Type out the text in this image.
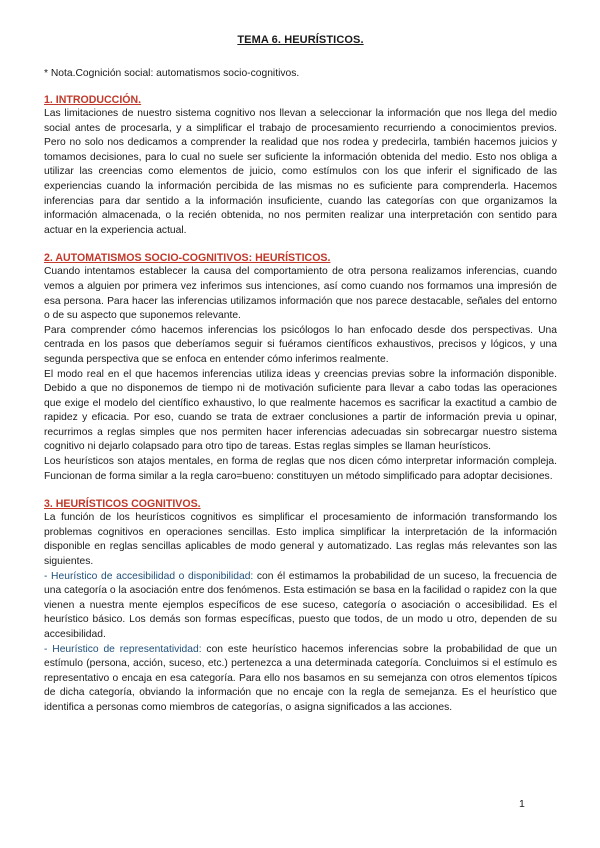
TEMA 6. HEURÍSTICOS.
* Nota.Cognición social: automatismos socio-cognitivos.
1. INTRODUCCIÓN.

Las limitaciones de nuestro sistema cognitivo nos llevan a seleccionar la información que nos llega del medio social antes de procesarla, y a simplificar el trabajo de procesamiento recurriendo a conocimientos previos. Pero no solo nos dedicamos a comprender la realidad que nos rodea y predecirla, también hacemos juicios y tomamos decisiones, para lo cual no suele ser suficiente la información obtenida del medio. Esto nos obliga a utilizar las creencias como elementos de juicio, como estímulos con los que inferir el significado de las experiencias cuando la información percibida de las mismas no es suficiente para comprenderla. Hacemos inferencias para dar sentido a la información insuficiente, cuando las categorías con que organizamos la información almacenada, o la recién obtenida, no nos permiten realizar una interpretación con sentido para actuar en la experiencia actual.

2. AUTOMATISMOS SOCIO-COGNITIVOS: HEURÍSTICOS.

Cuando intentamos establecer la causa del comportamiento de otra persona realizamos inferencias, cuando vemos a alguien por primera vez inferimos sus intenciones, así como cuando nos formamos una impresión de esa persona. Para hacer las inferencias utilizamos información que nos parece destacable, señales del entorno o de su aspecto que suponemos relevante.

Para comprender cómo hacemos inferencias los psicólogos lo han enfocado desde dos perspectivas. Una centrada en los pasos que deberíamos seguir si fuéramos científicos exhaustivos, precisos y lógicos, y una segunda perspectiva que se enfoca en entender cómo inferimos realmente.

El modo real en el que hacemos inferencias utiliza ideas y creencias previas sobre la información disponible. Debido a que no disponemos de tiempo ni de motivación suficiente para llevar a cabo todas las operaciones que exige el modelo del científico exhaustivo, lo que realmente hacemos es sacrificar la exactitud a cambio de rapidez y eficacia. Por eso, cuando se trata de extraer conclusiones a partir de información previa u opinar, recurrimos a reglas simples que nos permiten hacer inferencias adecuadas sin sobrecargar nuestro sistema cognitivo ni dejarlo colapsado para otro tipo de tareas. Estas reglas simples se llaman heurísticos.

Los heurísticos son atajos mentales, en forma de reglas que nos dicen cómo interpretar información compleja. Funcionan de forma similar a la regla caro=bueno: constituyen un método simplificado para adoptar decisiones.

3. HEURÍSTICOS COGNITIVOS.

La función de los heurísticos cognitivos es simplificar el procesamiento de información transformando los problemas cognitivos en operaciones sencillas. Esto implica simplificar la interpretación de la información disponible en reglas sencillas aplicables de modo general y automatizado. Las reglas más relevantes son las siguientes.

- Heurístico de accesibilidad o disponibilidad: con él estimamos la probabilidad de un suceso, la frecuencia de una categoría o la asociación entre dos fenómenos. Esta estimación se basa en la facilidad o rapidez con la que vienen a nuestra mente ejemplos específicos de ese suceso, categoría o asociación o accesibilidad. Es el heurístico básico. Los demás son formas específicas, puesto que todos, de un modo u otro, dependen de su accesibilidad.

- Heurístico de representatividad: con este heurístico hacemos inferencias sobre la probabilidad de que un estímulo (persona, acción, suceso, etc.) pertenezca a una determinada categoría. Concluimos si el estímulo es representativo o encaja en esa categoría. Para ello nos basamos en su semejanza con otros elementos típicos de dicha categoría, obviando la información que no encaje con la regla de semejanza. Es el heurístico que identifica a personas como miembros de categorías, o asigna significados a las acciones.

1
